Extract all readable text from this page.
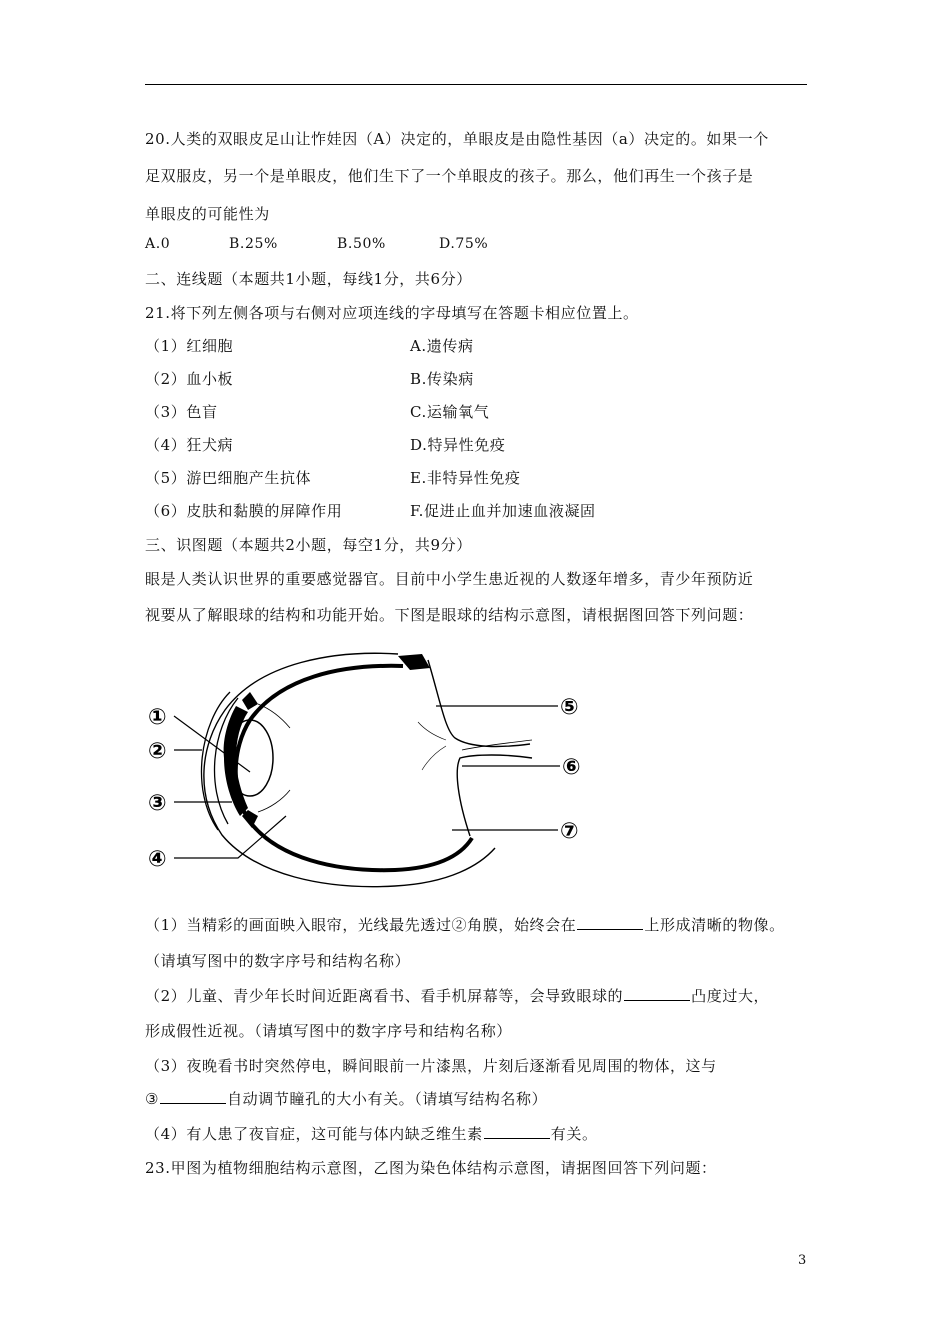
20.人类的双眼皮足山让怍娃因（A）决定的，单眼皮是由隐性基因（a）决定的。如果一个
足双服皮，另一个是单眼皮，他们生下了一个单眼皮的孩子。那么，他们再生一个孩子是
单眼皮的可能性为
A.0	B.25%	B.50%	D.75%
二、连线题（本题共1小题，每线1分，共6分）
21.将下列左侧各项与右侧对应项连线的字母填写在答题卡相应位置上。
（1）红细胞	A.遗传病
（2）血小板	B.传染病
（3）色盲	C.运输氧气
（4）狂犬病	D.特异性免疫
（5）游巴细胞产生抗体	E.非特异性免疫
（6）皮肤和黏膜的屏障作用	F.促进止血并加速血液凝固
三、识图题（本题共2小题，每空1分，共9分）
眼是人类认识世界的重要感觉器官。目前中小学生患近视的人数逐年增多，青少年预防近
视要从了解眼球的结构和功能开始。下图是眼球的结构示意图，请根据图回答下列问题：
①
②
③
④
⑤
⑥
⑦
（1）当精彩的画面映入眼帘，光线最先透过②角膜，始终会在	上形成清晰的物像。
（请填写图中的数字序号和结构名称）
（2）儿童、青少年长时间近距离看书、看手机屏幕等，会导致眼球的	凸度过大，
形成假性近视。（请填写图中的数字序号和结构名称）
（3）夜晚看书时突然停电，瞬间眼前一片漆黑，片刻后逐渐看见周围的物体，这与
③	自动调节瞳孔的大小有关。（请填写结构名称）
（4）有人患了夜盲症，这可能与体内缺乏维生素	有关。
23.甲图为植物细胞结构示意图，乙图为染色体结构示意图，请据图回答下列问题：
3
